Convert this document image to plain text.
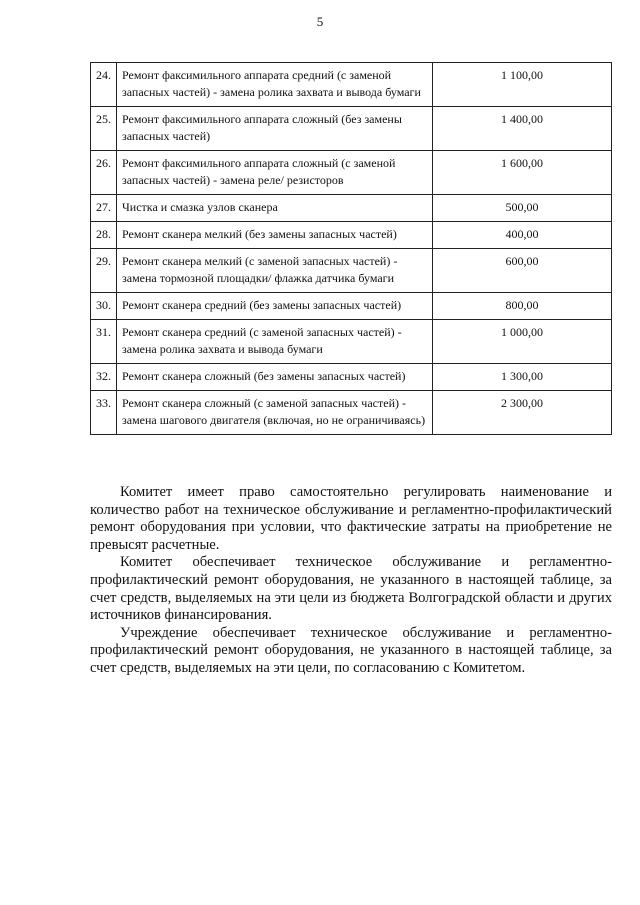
5
24.	Ремонт факсимильного аппарата средний (с заменой запасных частей) - замена ролика захвата и вывода бумаги	1 100,00
25.	Ремонт факсимильного аппарата сложный (без замены запасных частей)	1 400,00
26.	Ремонт факсимильного аппарата сложный (с заменой запасных частей) - замена реле/ резисторов	1 600,00
27.	Чистка и смазка узлов сканера	500,00
28.	Ремонт сканера мелкий (без замены запасных частей)	400,00
29.	Ремонт сканера мелкий (с заменой запасных частей) - замена тормозной площадки/ флажка датчика бумаги	600,00
30.	Ремонт сканера средний (без замены запасных частей)	800,00
31.	Ремонт сканера средний (с заменой запасных частей) - замена ролика захвата и вывода бумаги	1 000,00
32.	Ремонт сканера сложный (без замены запасных частей)	1 300,00
33.	Ремонт сканера сложный (с заменой запасных частей) - замена шагового двигателя (включая, но не ограничиваясь)	2 300,00

Комитет имеет право самостоятельно регулировать наименование и количество работ на техническое обслуживание и регламентно-профилактический ремонт оборудования при условии, что фактические затраты на приобретение не превысят расчетные.

Комитет обеспечивает техническое обслуживание и регламентно-профилактический ремонт оборудования, не указанного в настоящей таблице, за счет средств, выделяемых на эти цели из бюджета Волгоградской области и других источников финансирования.

Учреждение обеспечивает техническое обслуживание и регламентно-профилактический ремонт оборудования, не указанного в настоящей таблице, за счет средств, выделяемых на эти цели, по согласованию с Комитетом.
